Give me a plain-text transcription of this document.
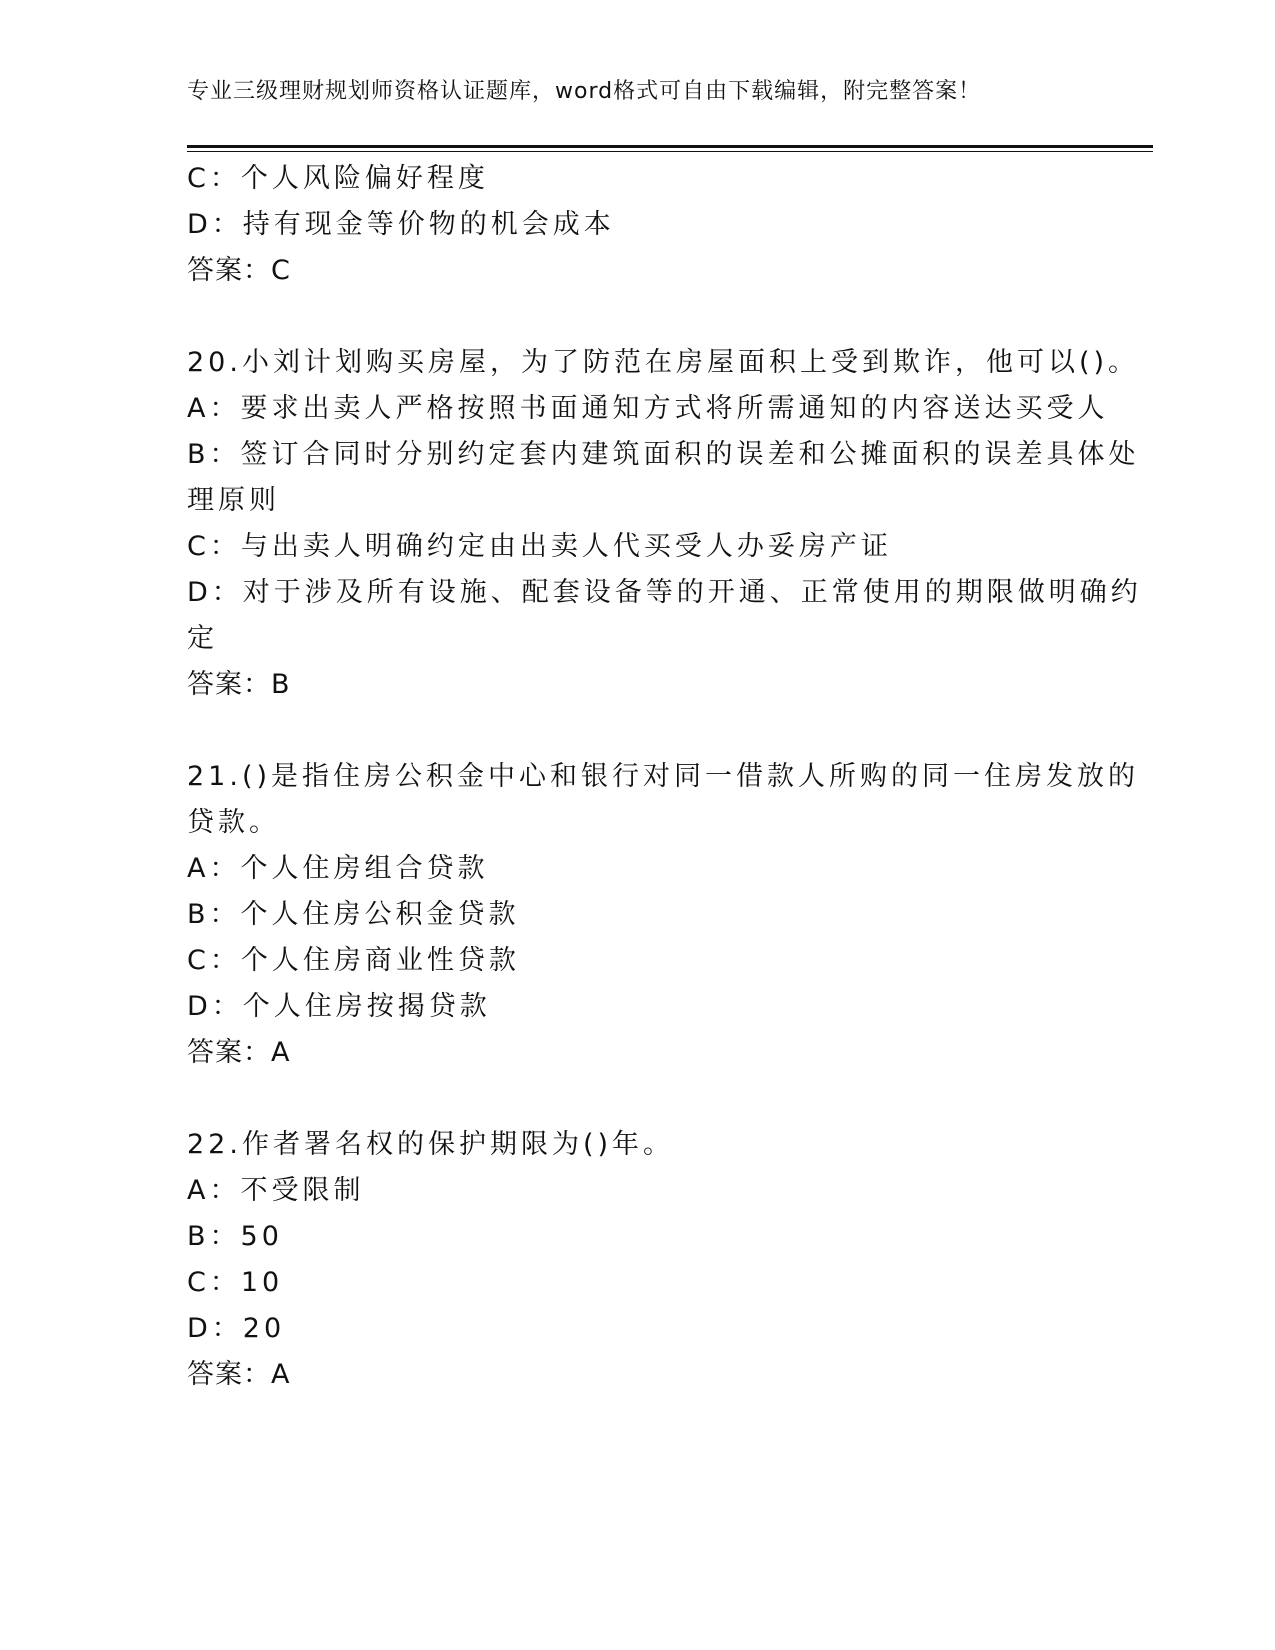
专业三级理财规划师资格认证题库，word格式可自由下载编辑，附完整答案！
C：个人风险偏好程度
D：持有现金等价物的机会成本
答案：C
20.小刘计划购买房屋，为了防范在房屋面积上受到欺诈，他可以()。
A：要求出卖人严格按照书面通知方式将所需通知的内容送达买受人
B：签订合同时分别约定套内建筑面积的误差和公摊面积的误差具体处
理原则
C：与出卖人明确约定由出卖人代买受人办妥房产证
D：对于涉及所有设施、配套设备等的开通、正常使用的期限做明确约
定
答案：B
21.()是指住房公积金中心和银行对同一借款人所购的同一住房发放的
贷款。
A：个人住房组合贷款
B：个人住房公积金贷款
C：个人住房商业性贷款
D：个人住房按揭贷款
答案：A
22.作者署名权的保护期限为()年。
A：不受限制
B：50
C：10
D：20
答案：A
